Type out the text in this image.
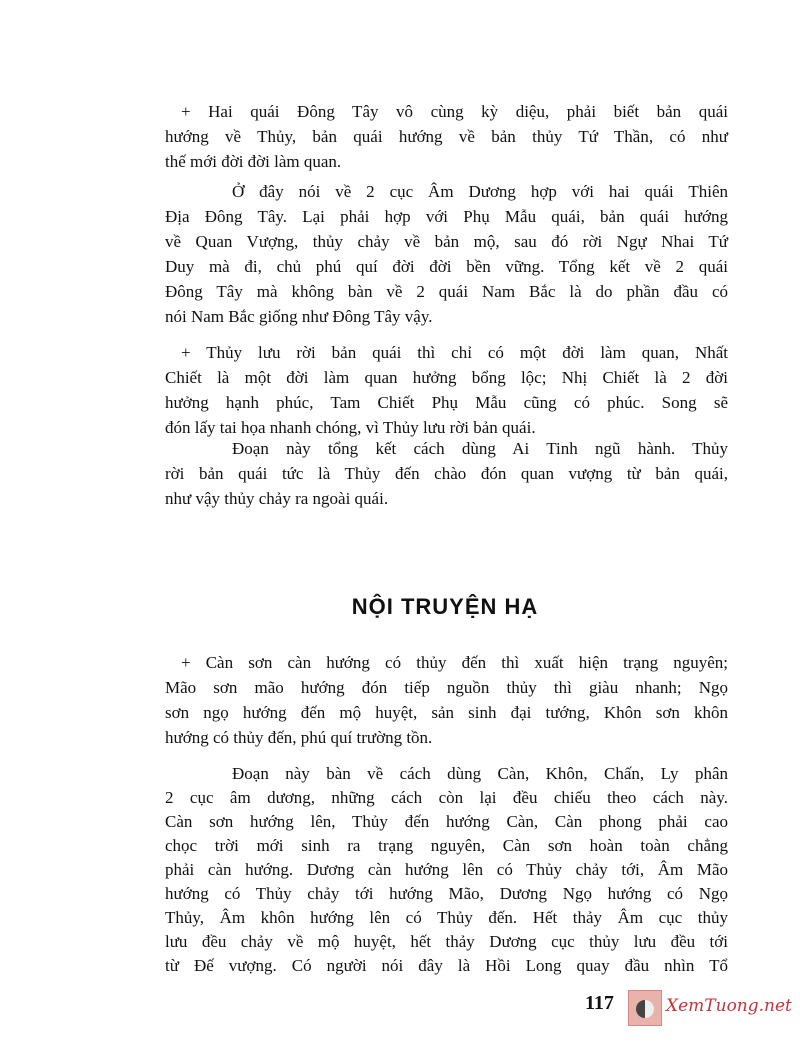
+ Hai quái Đông Tây vô cùng kỳ diệu, phải biết bản quái
hướng về Thủy, bản quái hướng về bản thủy Tứ Thần, có như
thế mới đời đời làm quan.
Ở đây nói về 2 cục Âm Dương hợp với hai quái Thiên
Địa Đông Tây. Lại phải hợp với Phụ Mẫu quái, bản quái hướng
về Quan Vượng, thủy chảy về bản mộ, sau đó rời Ngự Nhai Tứ
Duy mà đi, chủ phú quí đời đời bền vững. Tổng kết về 2 quái
Đông Tây mà không bàn về 2 quái Nam Bắc là do phần đầu có
nói Nam Bắc giống như Đông Tây vậy.
+ Thủy lưu rời bản quái thì chỉ có một đời làm quan, Nhất
Chiết là một đời làm quan hưởng bổng lộc; Nhị Chiết là 2 đời
hưởng hạnh phúc, Tam Chiết Phụ Mẫu cũng có phúc. Song sẽ
đón lấy tai họa nhanh chóng, vì Thủy lưu rời bản quái.
Đoạn này tổng kết cách dùng Ai Tinh ngũ hành. Thủy
rời bản quái tức là Thủy đến chào đón quan vượng từ bản quái,
như vậy thủy chảy ra ngoài quái.
NỘI TRUYỆN HẠ
+ Càn sơn càn hướng có thủy đến thì xuất hiện trạng nguyên;
Mão sơn mão hướng đón tiếp nguồn thủy thì giàu nhanh; Ngọ
sơn ngọ hướng đến mộ huyệt, sản sinh đại tướng, Khôn sơn khôn
hướng có thủy đến, phú quí trường tồn.
Đoạn này bàn về cách dùng Càn, Khôn, Chấn, Ly phân
2 cục âm dương, những cách còn lại đều chiếu theo cách này.
Càn sơn hướng lên, Thủy đến hướng Càn, Càn phong phải cao
chọc trời mới sinh ra trạng nguyên, Càn sơn hoàn toàn chẳng
phải càn hướng. Dương càn hướng lên có Thủy chảy tới, Âm Mão
hướng có Thủy chảy tới hướng Mão, Dương Ngọ hướng có Ngọ
Thủy, Âm khôn hướng lên có Thủy đến. Hết thảy Âm cục thủy
lưu đều chảy về mộ huyệt, hết thảy Dương cục thủy lưu đều tới
từ Đế vượng. Có người nói đây là Hồi Long quay đầu nhìn Tổ
117	XemTuong.net
